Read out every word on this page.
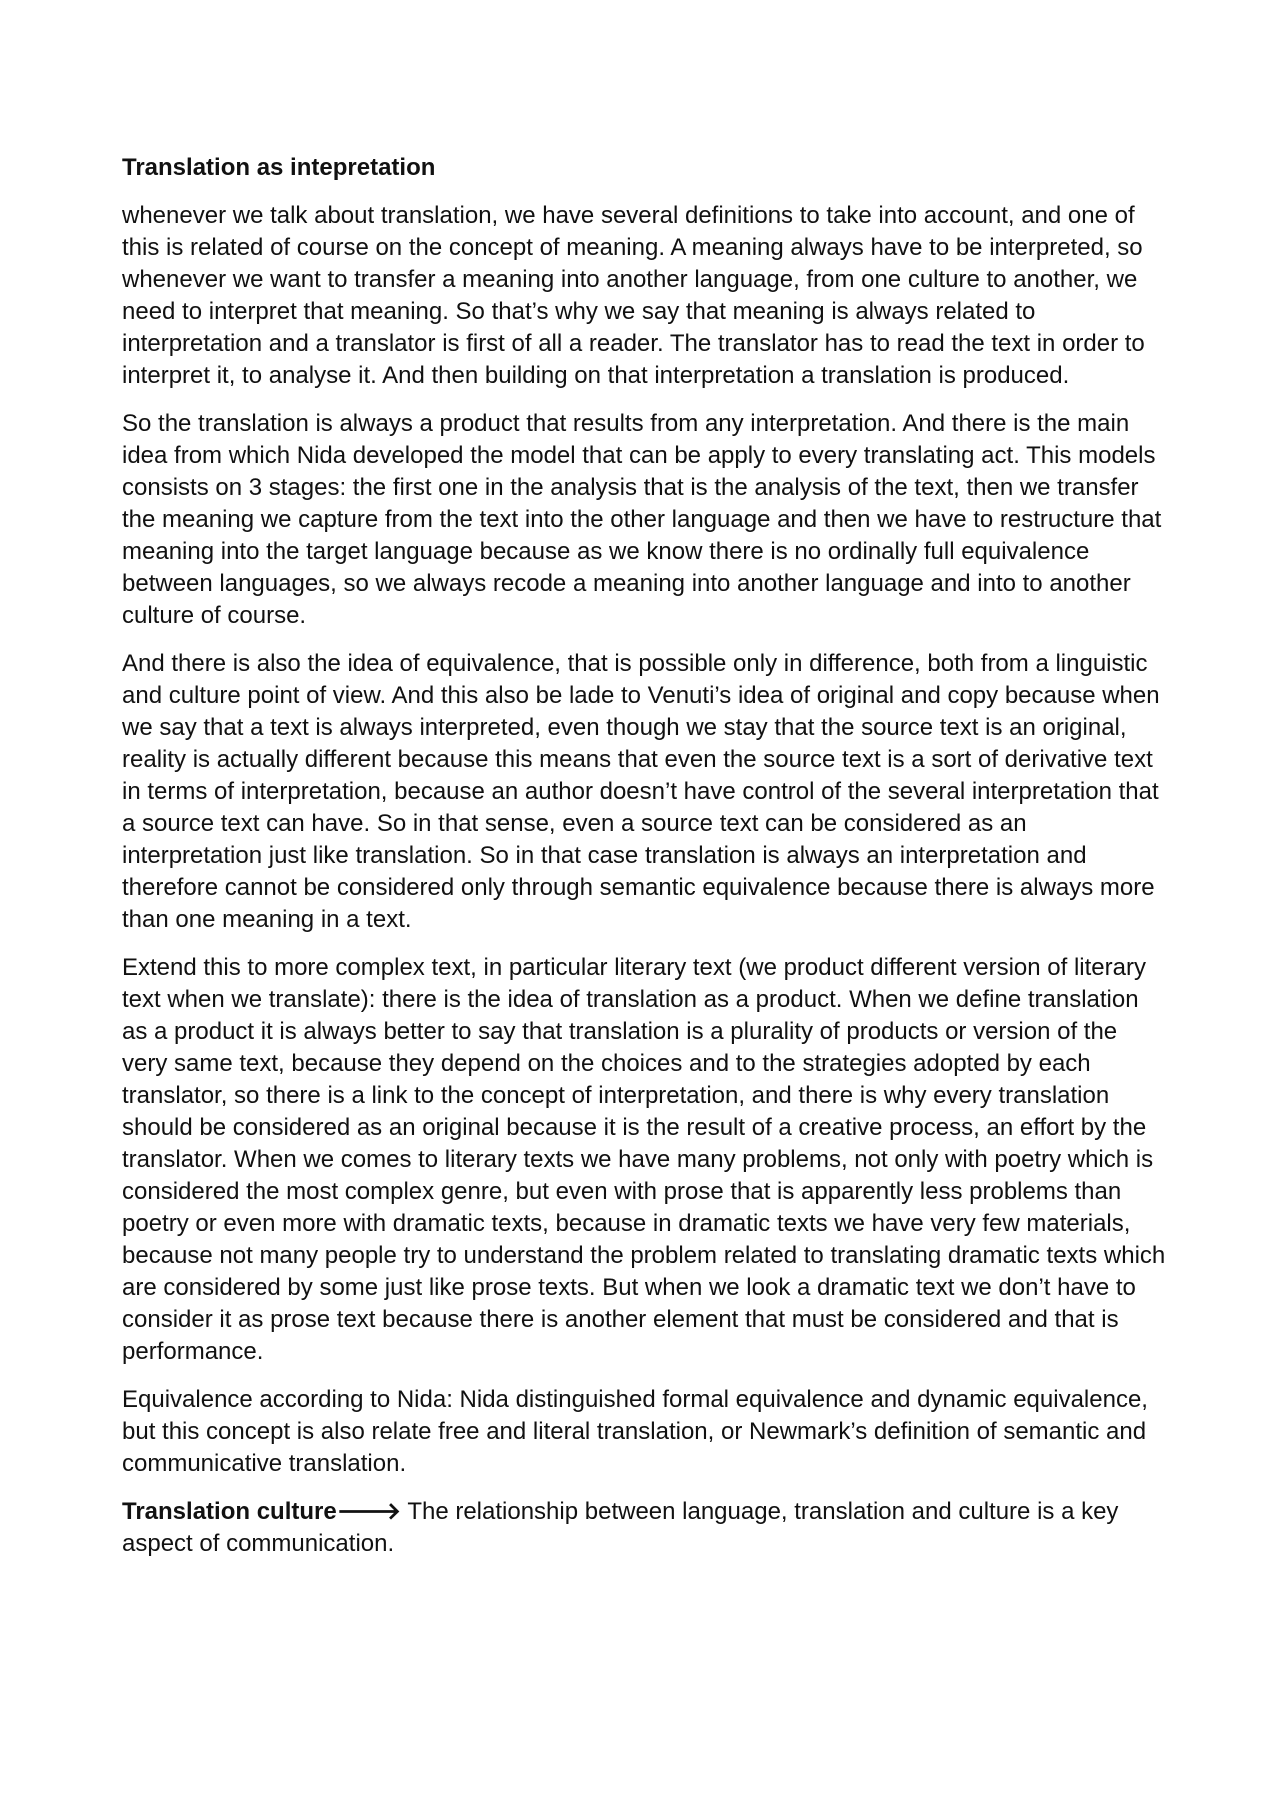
Translation as intepretation

whenever we talk about translation, we have several definitions to take into account, and one of this is related of course on the concept of meaning. A meaning always have to be interpreted, so whenever we want to transfer a meaning into another language, from one culture to another, we need to interpret that meaning. So that’s why we say that meaning is always related to interpretation and a translator is first of all a reader. The translator has to read the text in order to interpret it, to analyse it. And then building on that interpretation a translation is produced.

So the translation is always a product that results from any interpretation. And there is the main idea from which Nida developed the model that can be apply to every translating act. This models consists on 3 stages: the first one in the analysis that is the analysis of the text, then we transfer the meaning we capture from the text into the other language and then we have to restructure that meaning into the target language because as we know there is no ordinally full equivalence between languages, so we always recode a meaning into another language and into to another culture of course.

And there is also the idea of equivalence, that is possible only in difference, both from a linguistic and culture point of view. And this also be lade to Venuti’s idea of original and copy because when we say that a text is always interpreted, even though we stay that the source text is an original, reality is actually different because this means that even the source text is a sort of derivative text in terms of interpretation, because an author doesn’t have control of the several interpretation that a source text can have. So in that sense, even a source text can be considered as an interpretation just like translation. So in that case translation is always an interpretation and therefore cannot be considered only through semantic equivalence because there is always more than one meaning in a text.

Extend this to more complex text, in particular literary text (we product different version of literary text when we translate): there is the idea of translation as a product. When we define translation as a product it is always better to say that translation is a plurality of products or version of the very same text, because they depend on the choices and to the strategies adopted by each translator, so there is a link to the concept of interpretation, and there is why every translation should be considered as an original because it is the result of a creative process, an effort by the translator. When we comes to literary texts we have many problems, not only with poetry which is considered the most complex genre, but even with prose that is apparently less problems than poetry or even more with dramatic texts, because in dramatic texts we have very few materials, because not many people try to understand the problem related to translating dramatic texts which are considered by some just like prose texts. But when we look a dramatic text we don’t have to consider it as prose text because there is another element that must be considered and that is performance.

Equivalence according to Nida: Nida distinguished formal equivalence and dynamic equivalence, but this concept is also relate free and literal translation, or Newmark’s definition of semantic and communicative translation.

Translation culture🡒 The relationship between language, translation and culture is a key aspect of communication.
